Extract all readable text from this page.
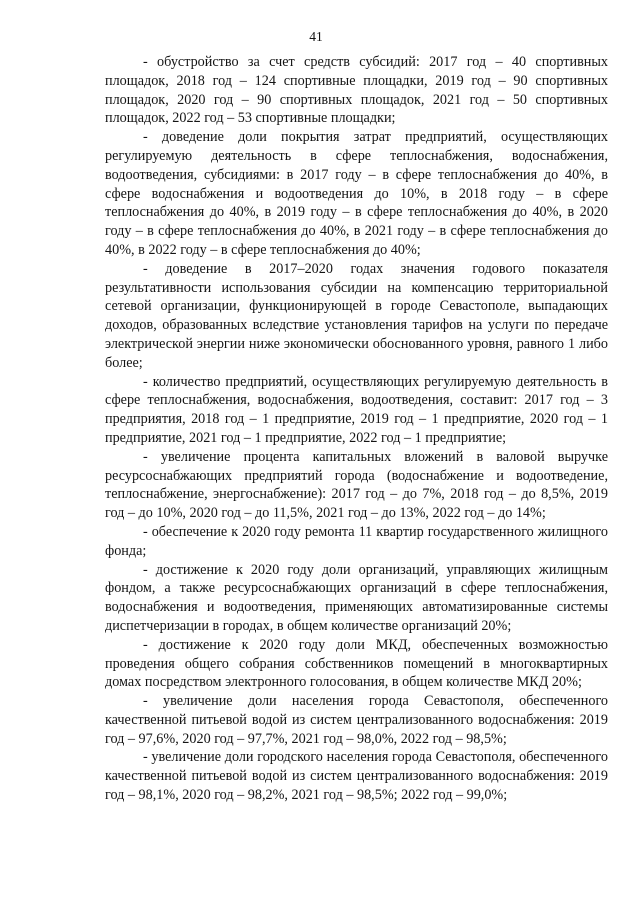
41

- обустройство за счет средств субсидий: 2017 год – 40 спортивных площадок, 2018 год – 124 спортивные площадки, 2019 год – 90 спортивных площадок, 2020 год – 90 спортивных площадок, 2021 год – 50 спортивных площадок, 2022 год – 53 спортивные площадки;

- доведение доли покрытия затрат предприятий, осуществляющих регулируемую деятельность в сфере теплоснабжения, водоснабжения, водоотведения, субсидиями: в 2017 году – в сфере теплоснабжения до 40%, в сфере водоснабжения и водоотведения до 10%, в 2018 году – в сфере теплоснабжения до 40%, в 2019 году – в сфере теплоснабжения до 40%, в 2020 году – в сфере теплоснабжения до 40%, в 2021 году – в сфере теплоснабжения до 40%, в 2022 году – в сфере теплоснабжения до 40%;

- доведение в 2017–2020 годах значения годового показателя результативности использования субсидии на компенсацию территориальной сетевой организации, функционирующей в городе Севастополе, выпадающих доходов, образованных вследствие установления тарифов на услуги по передаче электрической энергии ниже экономически обоснованного уровня, равного 1 либо более;

- количество предприятий, осуществляющих регулируемую деятельность в сфере теплоснабжения, водоснабжения, водоотведения, составит: 2017 год – 3 предприятия, 2018 год – 1 предприятие, 2019 год – 1 предприятие, 2020 год – 1 предприятие, 2021 год – 1 предприятие, 2022 год – 1 предприятие;

- увеличение процента капитальных вложений в валовой выручке ресурсоснабжающих предприятий города (водоснабжение и водоотведение, теплоснабжение, энергоснабжение): 2017 год – до 7%, 2018 год – до 8,5%, 2019 год – до 10%, 2020 год – до 11,5%, 2021 год – до 13%, 2022 год – до 14%;

- обеспечение к 2020 году ремонта 11 квартир государственного жилищного фонда;

- достижение к 2020 году доли организаций, управляющих жилищным фондом, а также ресурсоснабжающих организаций в сфере теплоснабжения, водоснабжения и водоотведения, применяющих автоматизированные системы диспетчеризации в городах, в общем количестве организаций 20%;

- достижение к 2020 году доли МКД, обеспеченных возможностью проведения общего собрания собственников помещений в многоквартирных домах посредством электронного голосования, в общем количестве МКД 20%;

- увеличение доли населения города Севастополя, обеспеченного качественной питьевой водой из систем централизованного водоснабжения: 2019 год – 97,6%, 2020 год – 97,7%, 2021 год – 98,0%, 2022 год – 98,5%;

- увеличение доли городского населения города Севастополя, обеспеченного качественной питьевой водой из систем централизованного водоснабжения: 2019 год – 98,1%, 2020 год – 98,2%, 2021 год – 98,5%; 2022 год – 99,0%;
